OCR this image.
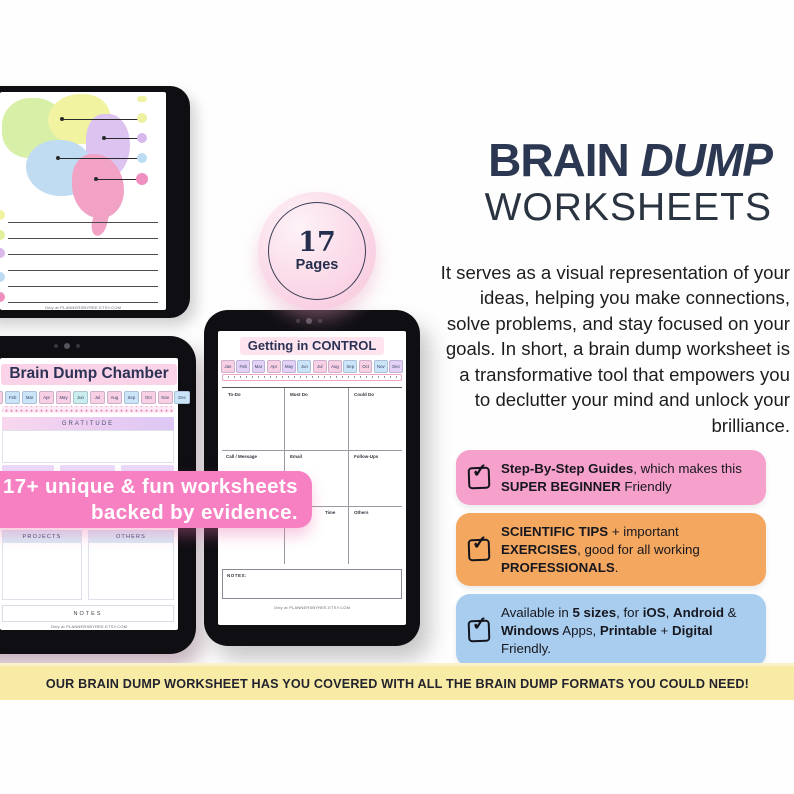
Only at PLANNERSBYREE.ETSY.COM
Brain Dump Chamber
Feb	Mar	Apr	May	Jun	Jul	Aug	Sep	Oct	Nov	Dec
GRATITUDE
PROJECTS	OTHERS
NOTES
Only at PLANNERSBYREE.ETSY.COM
Getting in CONTROL
Jan	Feb	Mar	Apr	May	Jun	Jul	Aug	Sep	Oct	Nov	Dec
To-Do	Must Do	Could Do
Call / Message	Email	Follow-Ups
Time	Others
NOTES:
Only at PLANNERSBYREE.ETSY.COM
17
Pages
BRAIN DUMP
WORKSHEETS
It serves as a visual representation of your ideas, helping you make connections, solve problems, and stay focused on your goals. In short, a brain dump worksheet is a transformative tool that empowers you to declutter your mind and unlock your brilliance.
✓
Step-By-Step Guides, which makes this SUPER BEGINNER Friendly
✓
SCIENTIFIC TIPS + important EXERCISES, good for all working PROFESSIONALS.
✓
Available in 5 sizes, for iOS, Android & Windows Apps, Printable + Digital Friendly.
17+ unique & fun worksheets
backed by evidence.
OUR BRAIN DUMP WORKSHEET HAS YOU COVERED WITH ALL THE BRAIN DUMP FORMATS YOU COULD NEED!
